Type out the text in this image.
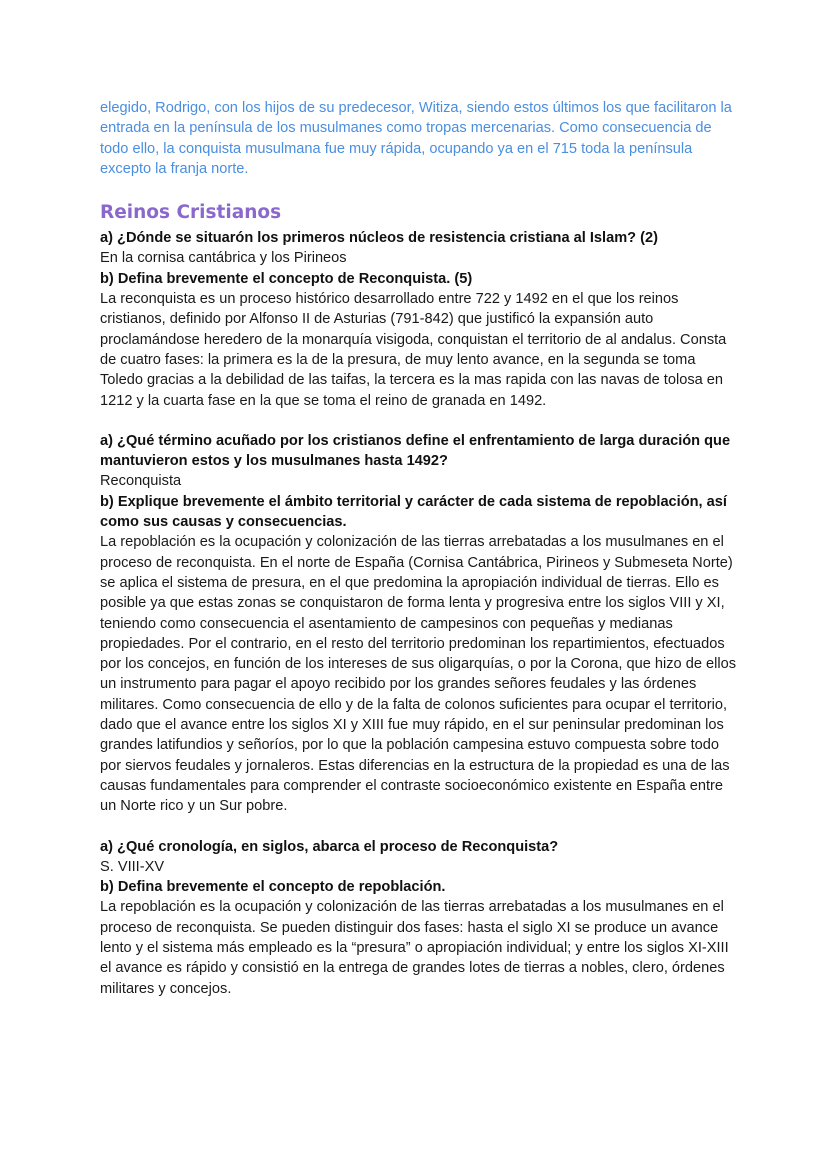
elegido, Rodrigo, con los hijos de su predecesor, Witiza, siendo estos últimos los que facilitaron la entrada en la península de los musulmanes como tropas mercenarias. Como consecuencia de todo ello, la conquista musulmana fue muy rápida, ocupando ya en el 715 toda la península excepto la franja norte.

Reinos Cristianos

a) ¿Dónde se situarón los primeros núcleos de resistencia cristiana al Islam? (2)

En la cornisa cantábrica y los Pirineos

b) Defina brevemente el concepto de Reconquista. (5)

La reconquista es un proceso histórico desarrollado entre 722 y 1492 en el que los reinos cristianos, definido por Alfonso II de Asturias (791-842) que justificó la expansión auto proclamándose heredero de la monarquía visigoda, conquistan el territorio de al andalus. Consta de cuatro fases: la primera es la de la presura, de muy lento avance, en la segunda se toma Toledo gracias a la debilidad de las taifas, la tercera es la mas rapida con las navas de tolosa en 1212 y la cuarta fase en la que se toma el reino de granada en 1492.

a) ¿Qué término acuñado por los cristianos define el enfrentamiento de larga duración que mantuvieron estos y los musulmanes hasta 1492?

Reconquista

b) Explique brevemente el ámbito territorial y carácter de cada sistema de repoblación, así como sus causas y consecuencias.

La repoblación es la ocupación y colonización de las tierras arrebatadas a los musulmanes en el proceso de reconquista. En el norte de España (Cornisa Cantábrica, Pirineos y Submeseta Norte) se aplica el sistema de presura, en el que predomina la apropiación individual de tierras. Ello es posible ya que estas zonas se conquistaron de forma lenta y progresiva entre los siglos VIII y XI, teniendo como consecuencia el asentamiento de campesinos con pequeñas y medianas propiedades. Por el contrario, en el resto del territorio predominan los repartimientos, efectuados por los concejos, en función de los intereses de sus oligarquías, o por la Corona, que hizo de ellos un instrumento para pagar el apoyo recibido por los grandes señores feudales y las órdenes militares. Como consecuencia de ello y de la falta de colonos suficientes para ocupar el territorio, dado que el avance entre los siglos XI y XIII fue muy rápido, en el sur peninsular predominan los grandes latifundios y señoríos, por lo que la población campesina estuvo compuesta sobre todo por siervos feudales y jornaleros. Estas diferencias en la estructura de la propiedad es una de las causas fundamentales para comprender el contraste socioeconómico existente en España entre un Norte rico y un Sur pobre.

a) ¿Qué cronología, en siglos, abarca el proceso de Reconquista?

S. VIII-XV

b) Defina brevemente el concepto de repoblación.

La repoblación es la ocupación y colonización de las tierras arrebatadas a los musulmanes en el proceso de reconquista. Se pueden distinguir dos fases: hasta el siglo XI se produce un avance lento y el sistema más empleado es la “presura” o apropiación individual; y entre los siglos XI-XIII el avance es rápido y consistió en la entrega de grandes lotes de tierras a nobles, clero, órdenes militares y concejos.
